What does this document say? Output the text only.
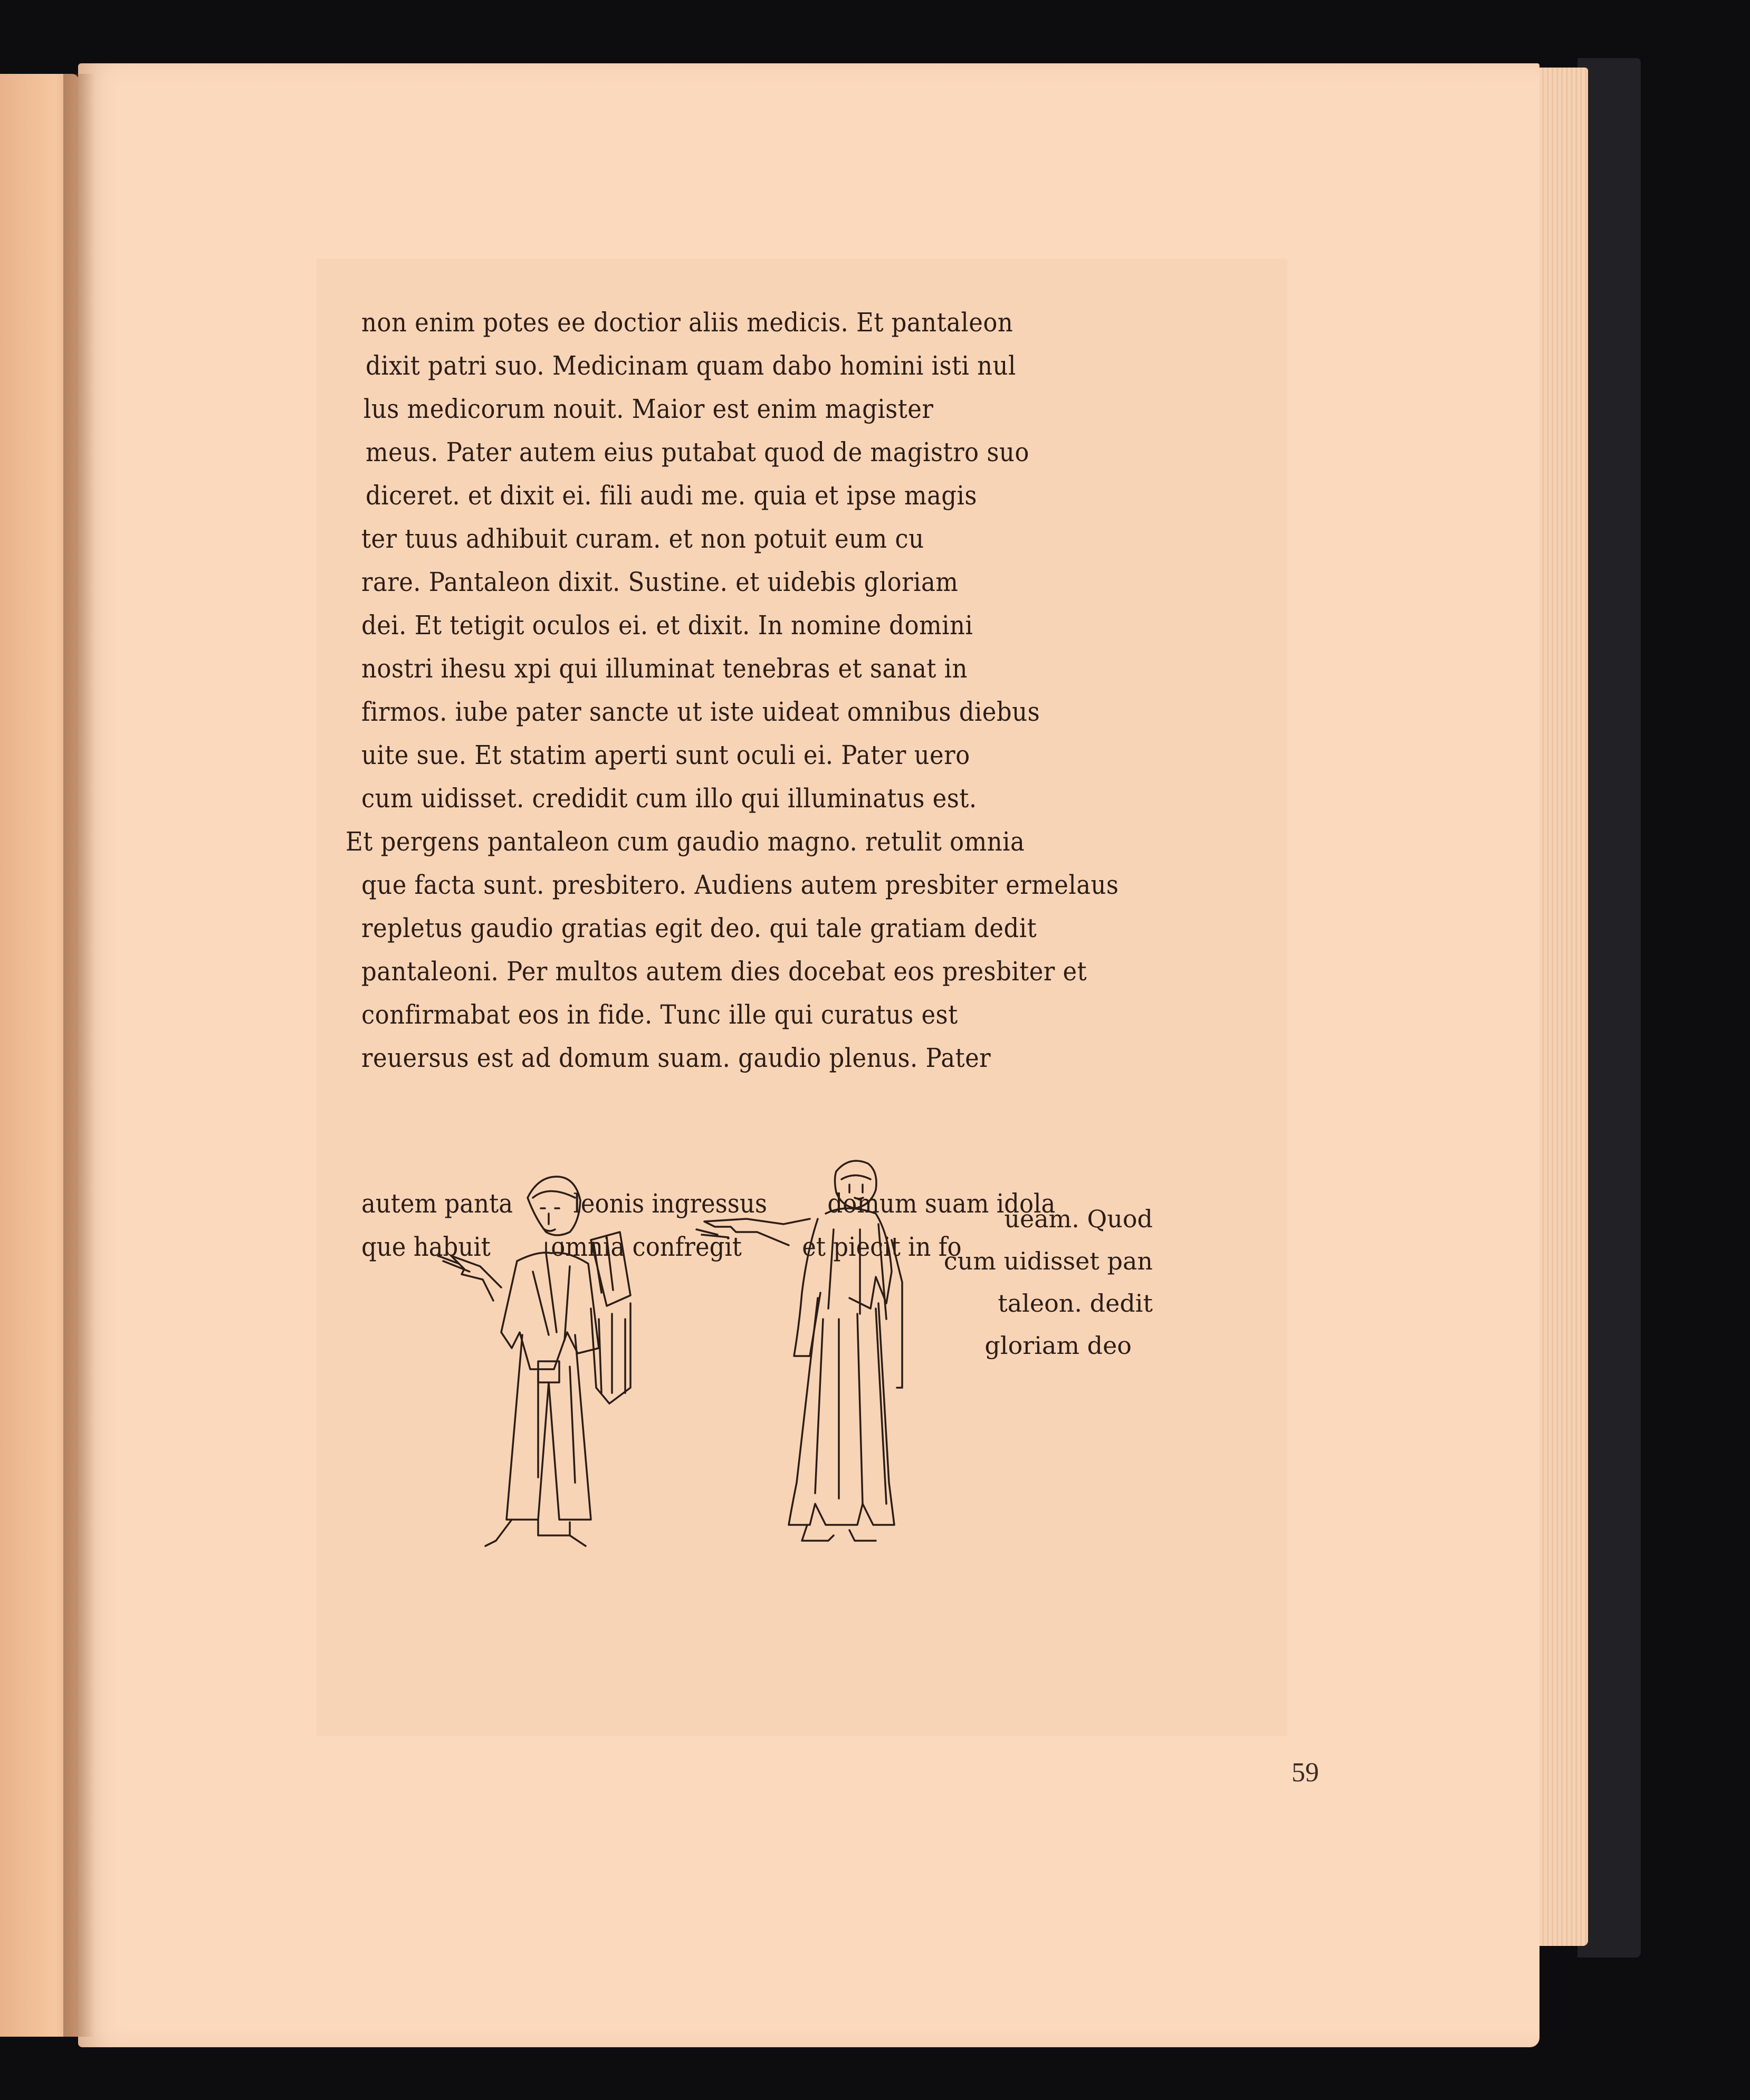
non enim potes ee doctior aliis medicis. Et pantaleon
dixit patri suo. Medicinam quam dabo homini isti nul
lus medicorum nouit. Maior est enim magister
meus. Pater autem eius putabat quod de magistro suo
diceret. et dixit ei. fili audi me. quia et ipse magis
ter tuus adhibuit curam. et non potuit eum cu
rare. Pantaleon dixit. Sustine. et uidebis gloriam
dei. Et tetigit oculos ei. et dixit. In nomine domini
nostri ihesu xpi qui illuminat tenebras et sanat in
firmos. iube pater sancte ut iste uideat omnibus diebus
uite sue. Et statim aperti sunt oculi ei. Pater uero
cum uidisset. credidit cum illo qui illuminatus est.
Et pergens pantaleon cum gaudio magno. retulit omnia
que facta sunt. presbitero. Audiens autem presbiter ermelaus
repletus gaudio gratias egit deo. qui tale gratiam dedit
pantaleoni. Per multos autem dies docebat eos presbiter et
confirmabat eos in fide. Tunc ille qui curatus est
reuersus est ad domum suam. gaudio plenus. Pater
autem panta        leonis ingressus        domum suam idola
que habuit        omnia confregit        et piecit in fo
ueam. Quod
cum uidisset pan
taleon. dedit
gloriam deo
59
